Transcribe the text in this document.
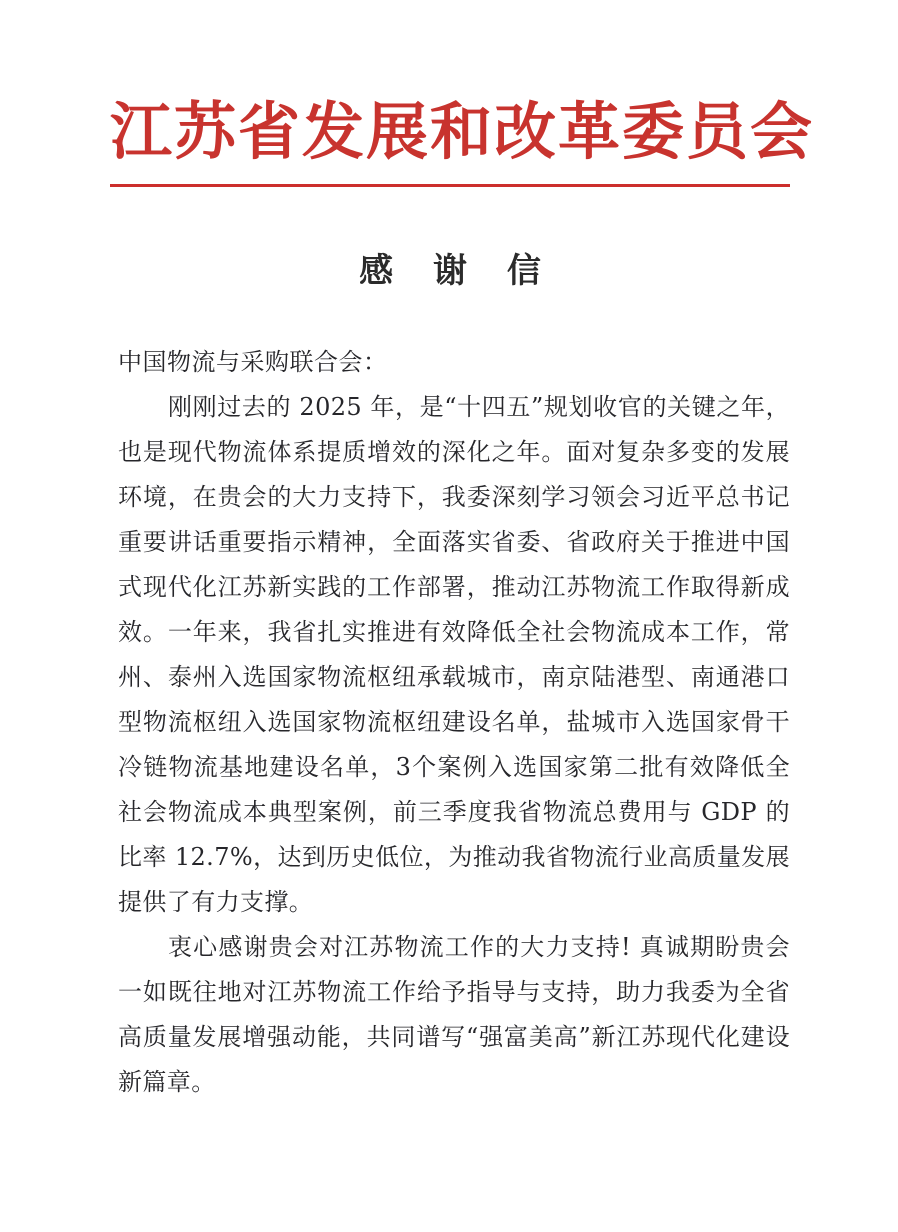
江苏省发展和改革委员会
感 谢 信

中国物流与采购联合会：

刚刚过去的 2025 年，是“十四五”规划收官的关键之年，也是现代物流体系提质增效的深化之年。面对复杂多变的发展环境，在贵会的大力支持下，我委深刻学习领会习近平总书记重要讲话重要指示精神，全面落实省委、省政府关于推进中国式现代化江苏新实践的工作部署，推动江苏物流工作取得新成效。一年来，我省扎实推进有效降低全社会物流成本工作，常州、泰州入选国家物流枢纽承载城市，南京陆港型、南通港口型物流枢纽入选国家物流枢纽建设名单，盐城市入选国家骨干冷链物流基地建设名单，3个案例入选国家第二批有效降低全社会物流成本典型案例，前三季度我省物流总费用与 GDP 的比率 12.7%，达到历史低位，为推动我省物流行业高质量发展提供了有力支撑。

衷心感谢贵会对江苏物流工作的大力支持! 真诚期盼贵会一如既往地对江苏物流工作给予指导与支持，助力我委为全省高质量发展增强动能，共同谱写“强富美高”新江苏现代化建设新篇章。
